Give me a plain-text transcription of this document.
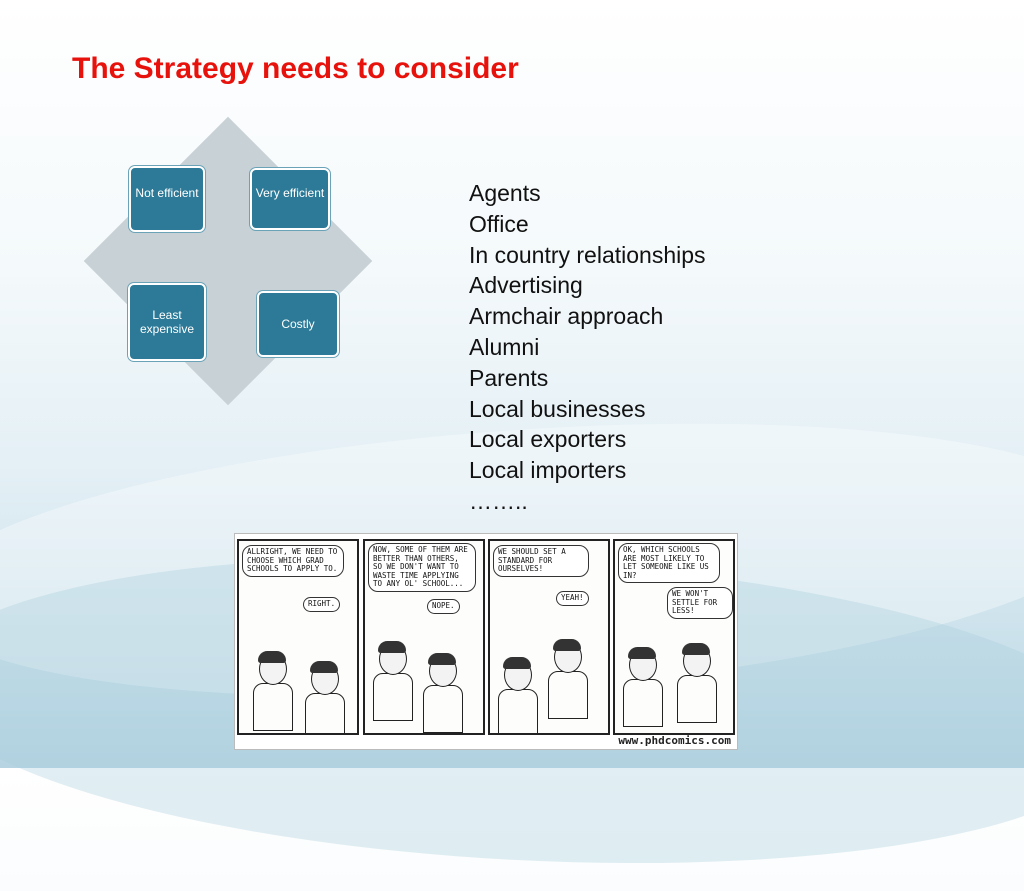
The Strategy needs to consider
Not efficient	Very efficient
Least expensive	Costly
Agents
Office
In country relationships
Advertising
Armchair approach
Alumni
Parents
Local businesses
Local exporters
Local importers
……..
ALLRIGHT, WE NEED TO CHOOSE WHICH GRAD SCHOOLS TO APPLY TO.
RIGHT.
NOW, SOME OF THEM ARE BETTER THAN OTHERS, SO WE DON'T WANT TO WASTE TIME APPLYING TO ANY OL' SCHOOL...
NOPE.
WE SHOULD SET A STANDARD FOR OURSELVES!
YEAH!
OK, WHICH SCHOOLS ARE MOST LIKELY TO LET SOMEONE LIKE US IN?
WE WON'T SETTLE FOR LESS!
www.phdcomics.com
